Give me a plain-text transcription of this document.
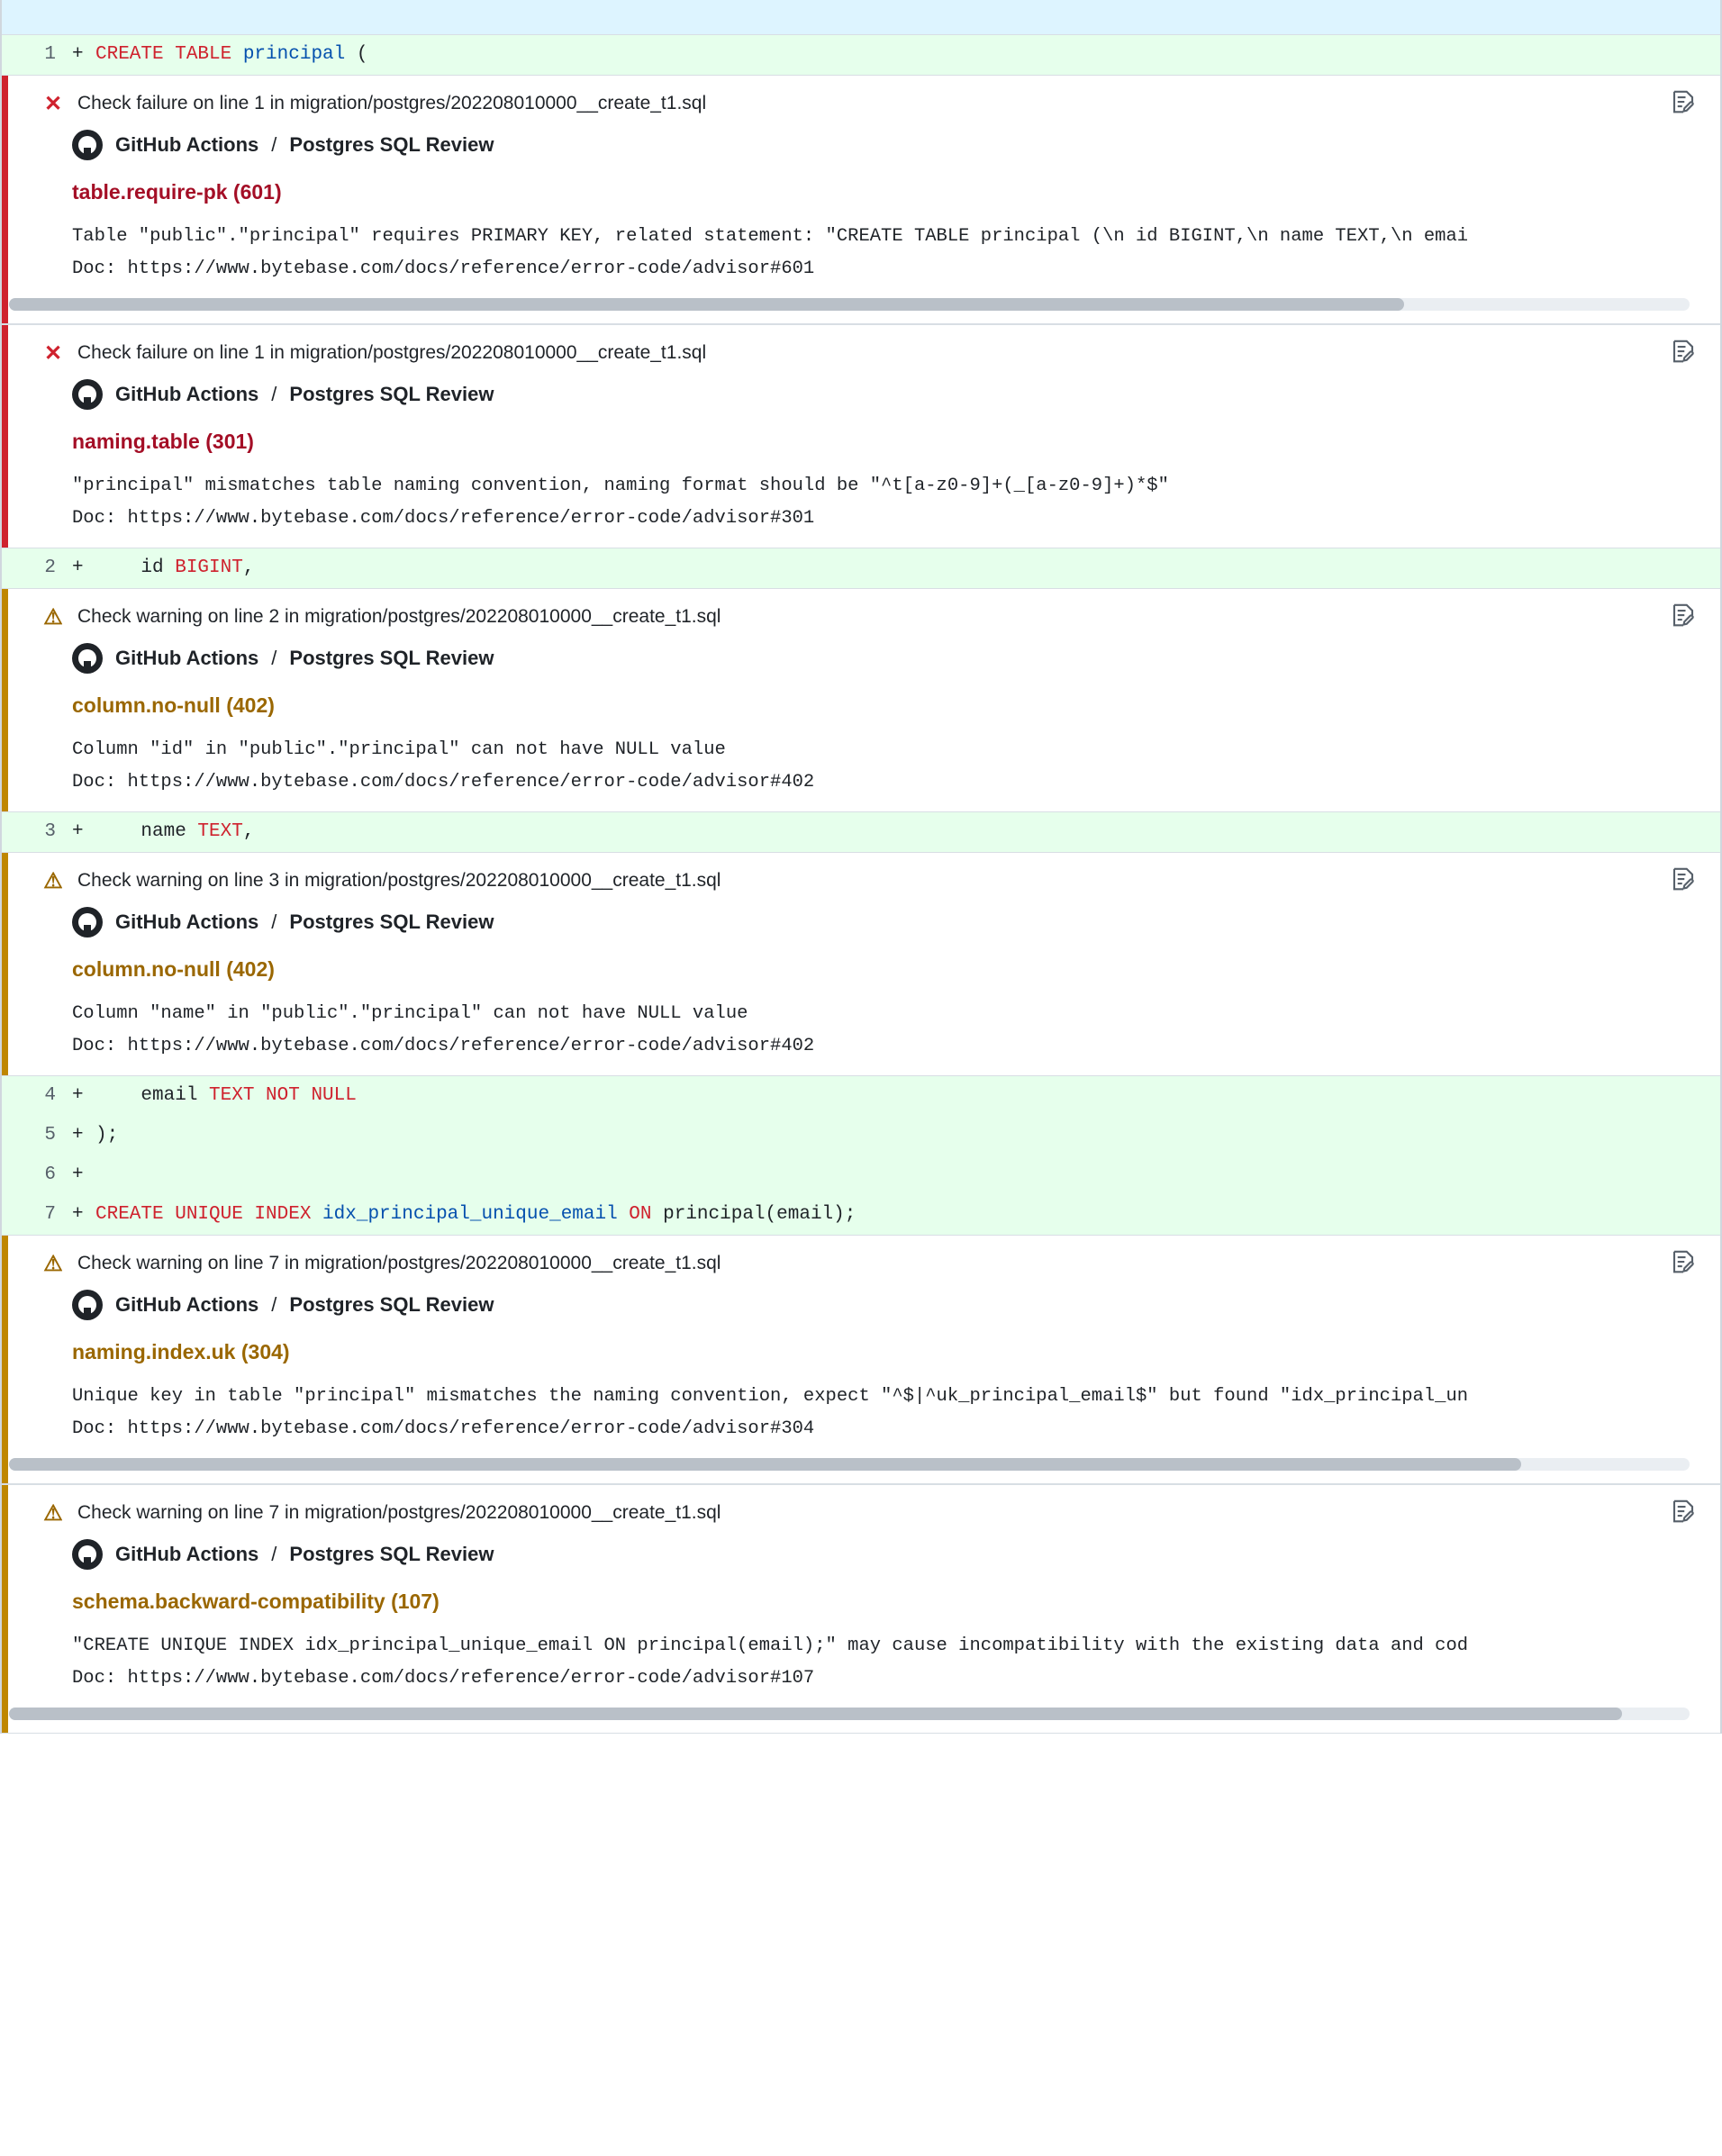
1 + CREATE TABLE principal (
✕ Check failure on line 1 in migration/postgres/202208010000__create_t1.sql
GitHub Actions / Postgres SQL Review
table.require-pk (601)
Table "public"."principal" requires PRIMARY KEY, related statement: "CREATE TABLE principal (\n id BIGINT,\n name TEXT,\n emai
Doc: https://www.bytebase.com/docs/reference/error-code/advisor#601
✕ Check failure on line 1 in migration/postgres/202208010000__create_t1.sql
GitHub Actions / Postgres SQL Review
naming.table (301)
"principal" mismatches table naming convention, naming format should be "^t[a-z0-9]+(_[a-z0-9]+)*$"
Doc: https://www.bytebase.com/docs/reference/error-code/advisor#301
2 + id BIGINT,
⚠ Check warning on line 2 in migration/postgres/202208010000__create_t1.sql
GitHub Actions / Postgres SQL Review
column.no-null (402)
Column "id" in "public"."principal" can not have NULL value
Doc: https://www.bytebase.com/docs/reference/error-code/advisor#402
3 + name TEXT,
⚠ Check warning on line 3 in migration/postgres/202208010000__create_t1.sql
GitHub Actions / Postgres SQL Review
column.no-null (402)
Column "name" in "public"."principal" can not have NULL value
Doc: https://www.bytebase.com/docs/reference/error-code/advisor#402
4 + email TEXT NOT NULL
5 + );
6 +
7 + CREATE UNIQUE INDEX idx_principal_unique_email ON principal(email);
⚠ Check warning on line 7 in migration/postgres/202208010000__create_t1.sql
GitHub Actions / Postgres SQL Review
naming.index.uk (304)
Unique key in table "principal" mismatches the naming convention, expect "^$|^uk_principal_email$" but found "idx_principal_un
Doc: https://www.bytebase.com/docs/reference/error-code/advisor#304
⚠ Check warning on line 7 in migration/postgres/202208010000__create_t1.sql
GitHub Actions / Postgres SQL Review
schema.backward-compatibility (107)
"CREATE UNIQUE INDEX idx_principal_unique_email ON principal(email);" may cause incompatibility with the existing data and cod
Doc: https://www.bytebase.com/docs/reference/error-code/advisor#107
